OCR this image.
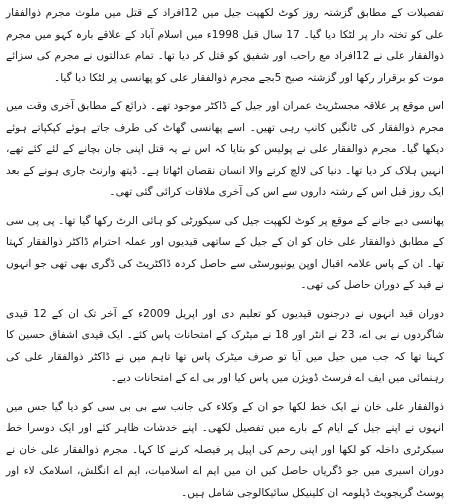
تفصیلات کے مطابق گزشتہ روز کوٹ لکھپت جیل میں 12افراد کے قتل میں ملوث مجرم ذوالفقار علی کو تختہ دار پر لٹکا دیا گیا۔ 17 سال قبل 1998ء میں اسلام آباد کے علاقے بارہ کہو میں مجرم ذوالفقار علی نے 12افراد مع راحب اور شفیق کو قتل کر دیا تھا۔ تمام عدالتوں نے مجرم کی سزائے موت کو برقرار رکھا اور گزشتہ صبح 5بجے مجرم ذوالفقار علی کو پھانسی پر لٹکا دیا گیا۔

اس موقع پر علاقہ مجسٹریٹ عمران اور جیل کے ڈاکٹر موجود تھے۔ ذرائع کے مطابق آخری وقت میں مجرم ذوالفقار کی ٹانگیں کانپ رہی تھیں۔ اسے پھانسی گھاٹ کی طرف جاتے ہوئے کپکپاتے ہوئے دیکھا گیا۔ مجرم ذوالفقار علی نے پولیس کو بتایا کہ اس نے یہ قتل اپنی جان بچانے کے لئے کئے تھے، انہیں ہلاک کر دیا تھا۔ دنیا کی لالچ کرنے والا انسان نقصان اٹھاتا ہے۔ ڈیتھ وارنٹ جاری ہونے کے بعد ایک روز قبل اس کے رشتہ داروں سے اس کی آخری ملاقات کرائی گئی تھی۔

پھانسی دیے جانے کے موقع پر کوٹ لکھپت جیل کی سیکورٹی کو ہائی الرٹ رکھا گیا تھا۔ پی پی سی کے مطابق ذوالفقار علی خان کو ان کے جیل کے ساتھی قیدیوں اور عملہ احترام ڈاکٹر ذوالفقار کہتا تھا۔ ان کے پاس علامہ اقبال اوپن یونیورسٹی سے حاصل کردہ ڈاکٹریٹ کی ڈگری بھی تھی جو انہوں نے قید کے دوران حاصل کی تھی۔

دوران قید انہوں نے درجنوں قیدیوں کو تعلیم دی اور اپریل 2009ء کے آخر تک ان کے 12 قیدی شاگردوں نے بی اے، 23 نے انٹر اور 18 نے میٹرک کے امتحانات پاس کئے۔ ایک قیدی اشفاق حسین کا کہنا تھا کہ جب میں جیل میں آیا تو صرف میٹرک پاس تھا تاہم میں نے ڈاکٹر ذوالفقار علی کی رہنمائی میں ایف اے فرسٹ ڈویژن میں پاس کیا اور بی اے کے امتحانات دیے۔

ذوالفقار علی خان نے ایک خط لکھا جو ان کے وکلاء کی جانب سے بی بی سی کو دیا گیا جس میں انہوں نے اپنے جیل کے ایام کے بارے میں تفصیل لکھی۔ اپنے خدشات ظاہر کئے اور ایک دوسرا خط سیکرٹری داخلہ کو لکھا اور اپنی رحم کی اپیل پر فیصلہ کرنے کا کہا۔ مجرم ذوالفقار علی خان نے دوران اسیری میں جو ڈگریاں حاصل کیں ان میں ایم اے اسلامیات، ایم اے انگلش، اسلامک لاء اور پوسٹ گریجویٹ ڈپلومہ ان کلینیکل سائیکالوجی شامل ہیں۔
